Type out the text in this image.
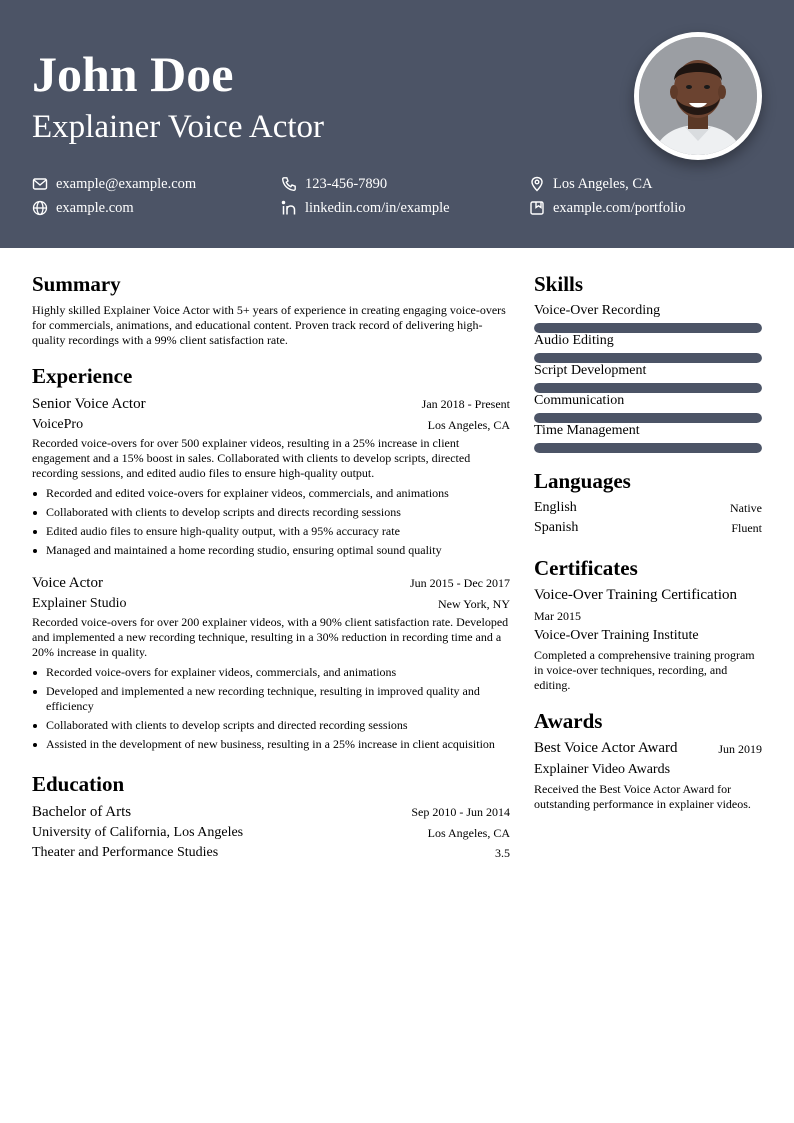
John Doe
Explainer Voice Actor
example@example.com	123-456-7890	Los Angeles, CA
example.com	linkedin.com/in/example	example.com/portfolio
Summary
Highly skilled Explainer Voice Actor with 5+ years of experience in creating engaging voice-overs for commercials, animations, and educational content. Proven track record of delivering high-quality recordings with a 99% client satisfaction rate.
Experience
Senior Voice Actor	Jan 2018 - Present
VoicePro	Los Angeles, CA
Recorded voice-overs for over 500 explainer videos, resulting in a 25% increase in client engagement and a 15% boost in sales. Collaborated with clients to develop scripts, directed recording sessions, and edited audio files to ensure high-quality output.
Recorded and edited voice-overs for explainer videos, commercials, and animations
Collaborated with clients to develop scripts and directs recording sessions
Edited audio files to ensure high-quality output, with a 95% accuracy rate
Managed and maintained a home recording studio, ensuring optimal sound quality
Voice Actor	Jun 2015 - Dec 2017
Explainer Studio	New York, NY
Recorded voice-overs for over 200 explainer videos, with a 90% client satisfaction rate. Developed and implemented a new recording technique, resulting in a 30% reduction in recording time and a 20% increase in quality.
Recorded voice-overs for explainer videos, commercials, and animations
Developed and implemented a new recording technique, resulting in improved quality and efficiency
Collaborated with clients to develop scripts and directed recording sessions
Assisted in the development of new business, resulting in a 25% increase in client acquisition
Education
Bachelor of Arts	Sep 2010 - Jun 2014
University of California, Los Angeles	Los Angeles, CA
Theater and Performance Studies	3.5
Skills
Voice-Over Recording
Audio Editing
Script Development
Communication
Time Management
Languages
English	Native
Spanish	Fluent
Certificates
Voice-Over Training Certification
Mar 2015
Voice-Over Training Institute
Completed a comprehensive training program in voice-over techniques, recording, and editing.
Awards
Best Voice Actor Award	Jun 2019
Explainer Video Awards
Received the Best Voice Actor Award for outstanding performance in explainer videos.
